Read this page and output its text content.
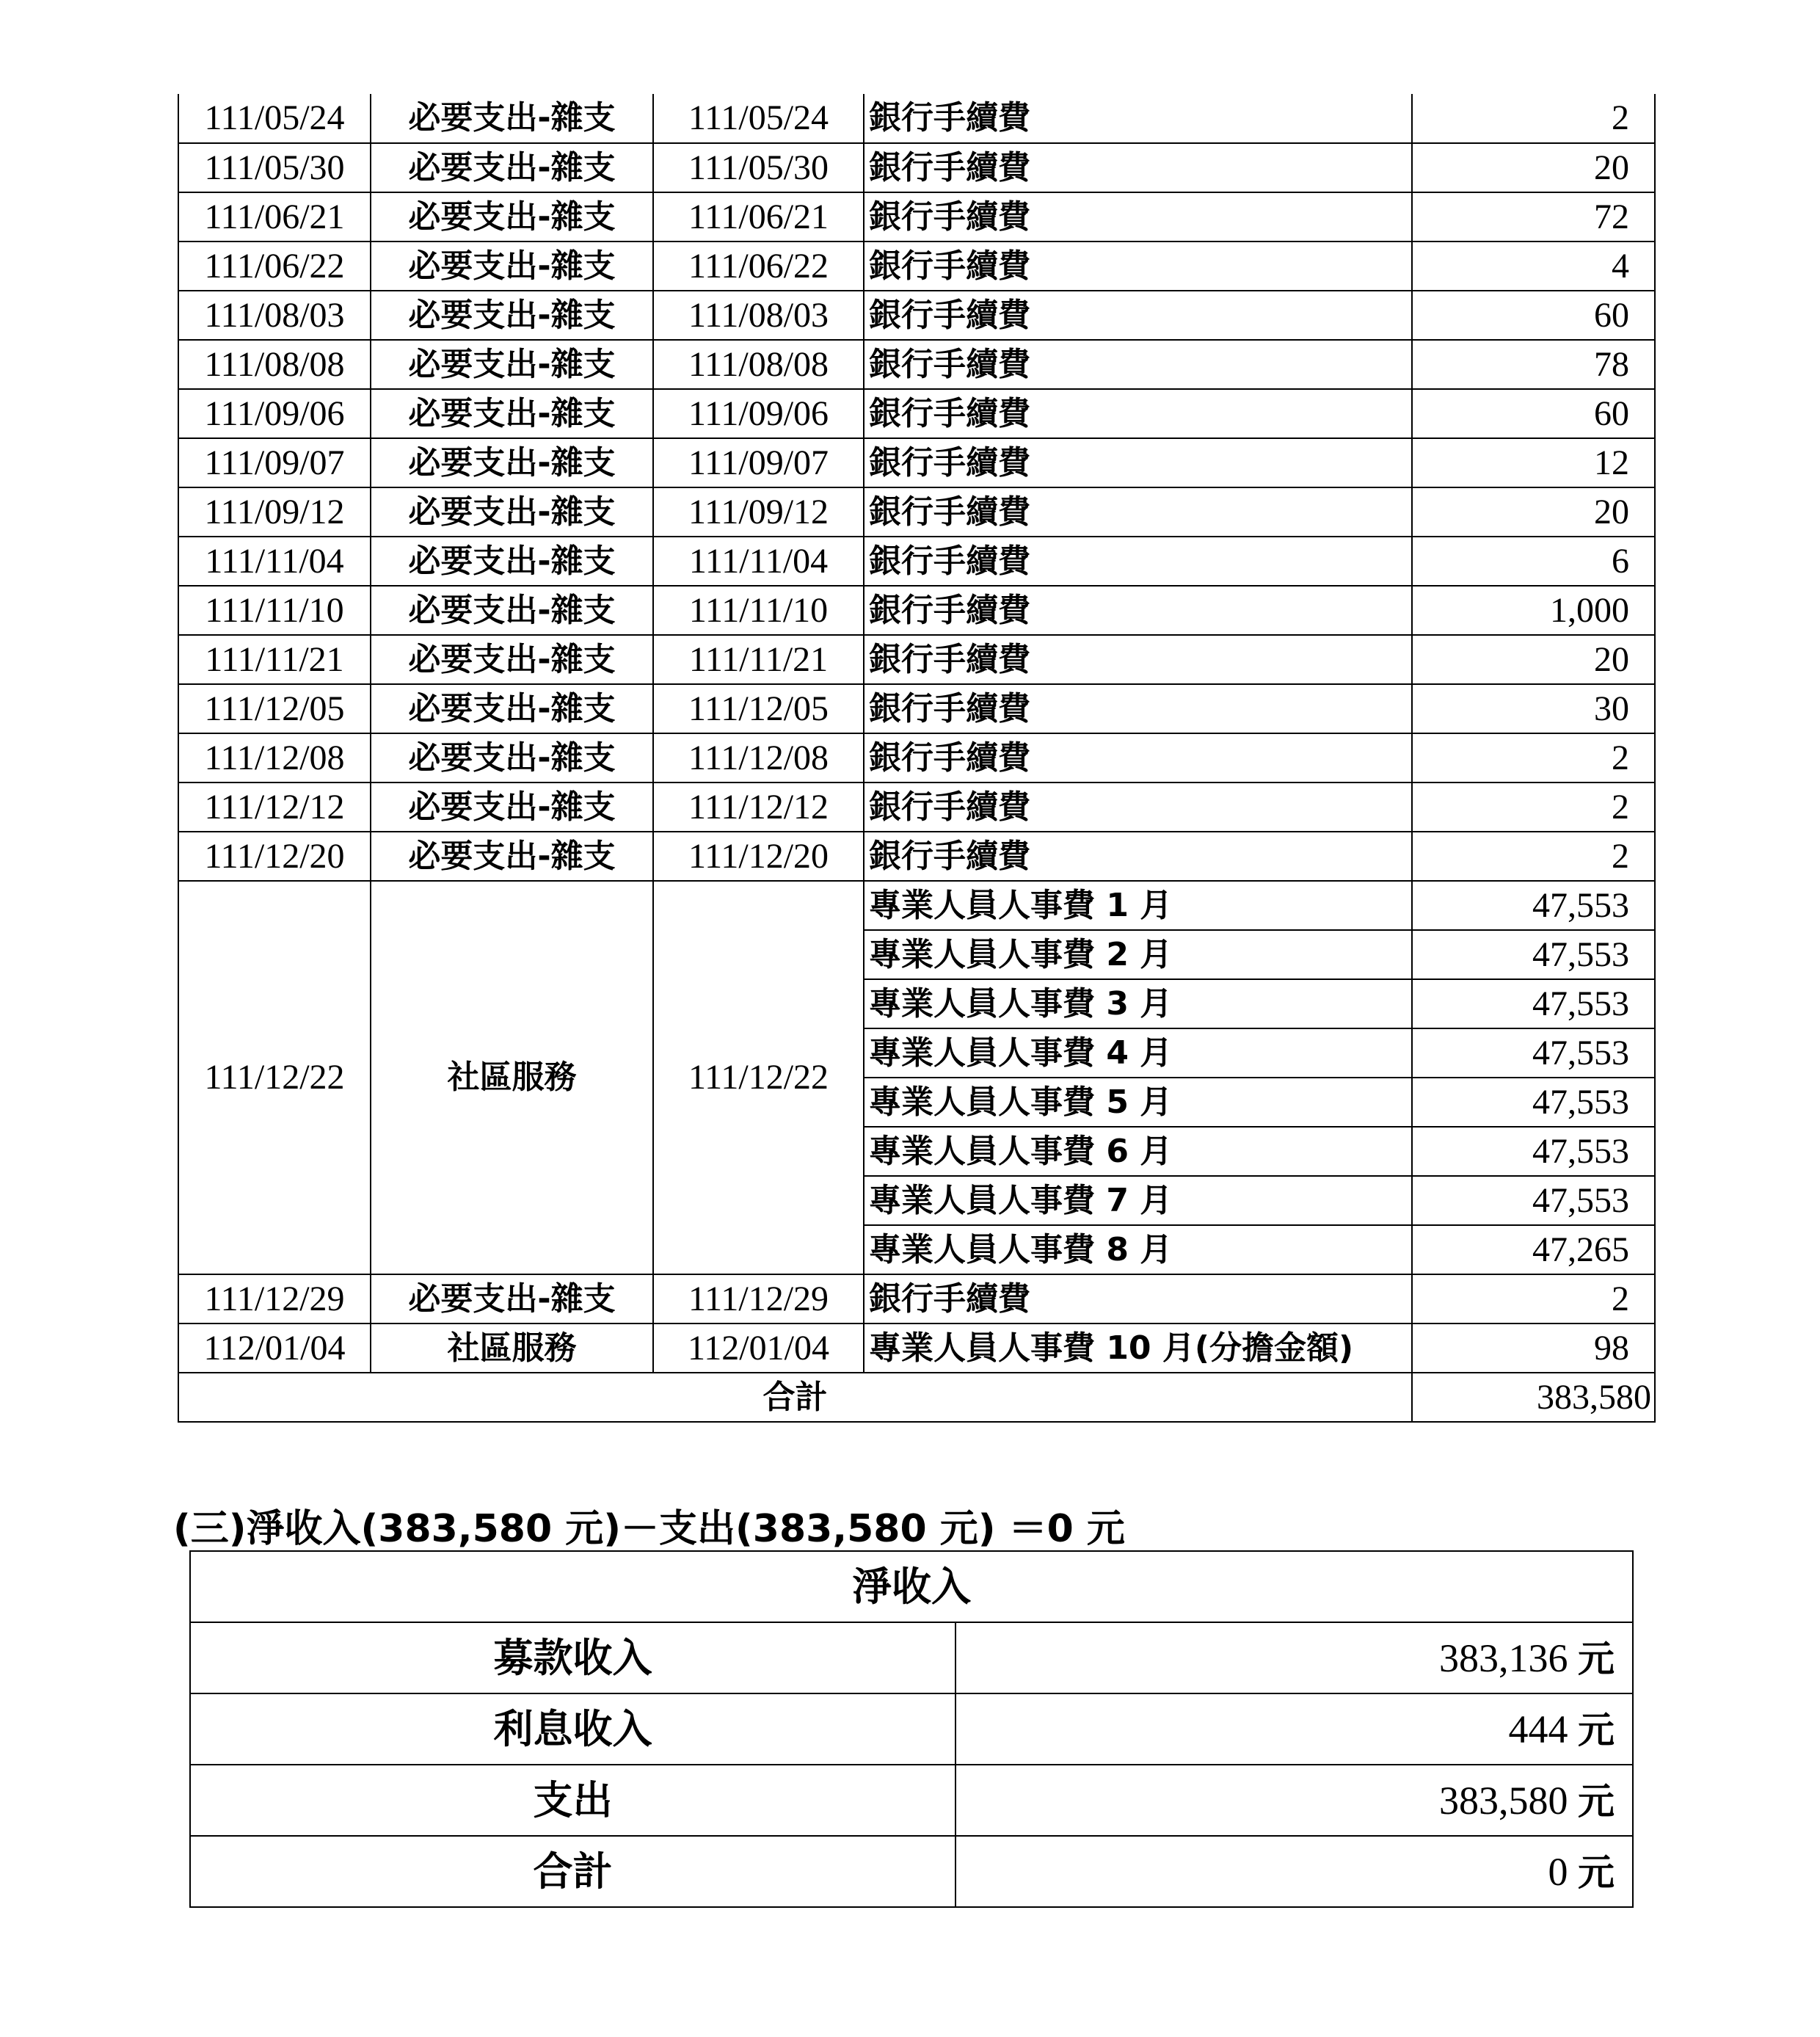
111/05/24	必要支出-雜支	111/05/24	銀行手續費	2
111/05/30	必要支出-雜支	111/05/30	銀行手續費	20
111/06/21	必要支出-雜支	111/06/21	銀行手續費	72
111/06/22	必要支出-雜支	111/06/22	銀行手續費	4
111/08/03	必要支出-雜支	111/08/03	銀行手續費	60
111/08/08	必要支出-雜支	111/08/08	銀行手續費	78
111/09/06	必要支出-雜支	111/09/06	銀行手續費	60
111/09/07	必要支出-雜支	111/09/07	銀行手續費	12
111/09/12	必要支出-雜支	111/09/12	銀行手續費	20
111/11/04	必要支出-雜支	111/11/04	銀行手續費	6
111/11/10	必要支出-雜支	111/11/10	銀行手續費	1,000
111/11/21	必要支出-雜支	111/11/21	銀行手續費	20
111/12/05	必要支出-雜支	111/12/05	銀行手續費	30
111/12/08	必要支出-雜支	111/12/08	銀行手續費	2
111/12/12	必要支出-雜支	111/12/12	銀行手續費	2
111/12/20	必要支出-雜支	111/12/20	銀行手續費	2
111/12/22	社區服務	111/12/22	專業人員人事費 1 月	47,553
			專業人員人事費 2 月	47,553
			專業人員人事費 3 月	47,553
			專業人員人事費 4 月	47,553
			專業人員人事費 5 月	47,553
			專業人員人事費 6 月	47,553
			專業人員人事費 7 月	47,553
			專業人員人事費 8 月	47,265
111/12/29	必要支出-雜支	111/12/29	銀行手續費	2
112/01/04	社區服務	112/01/04	專業人員人事費 10 月(分擔金額)	98
合計				383,580
(三)淨收入(383,580 元)－支出(383,580 元) ＝0 元
淨收入	
募款收入	383,136 元
利息收入	444 元
支出	383,580 元
合計	0 元
